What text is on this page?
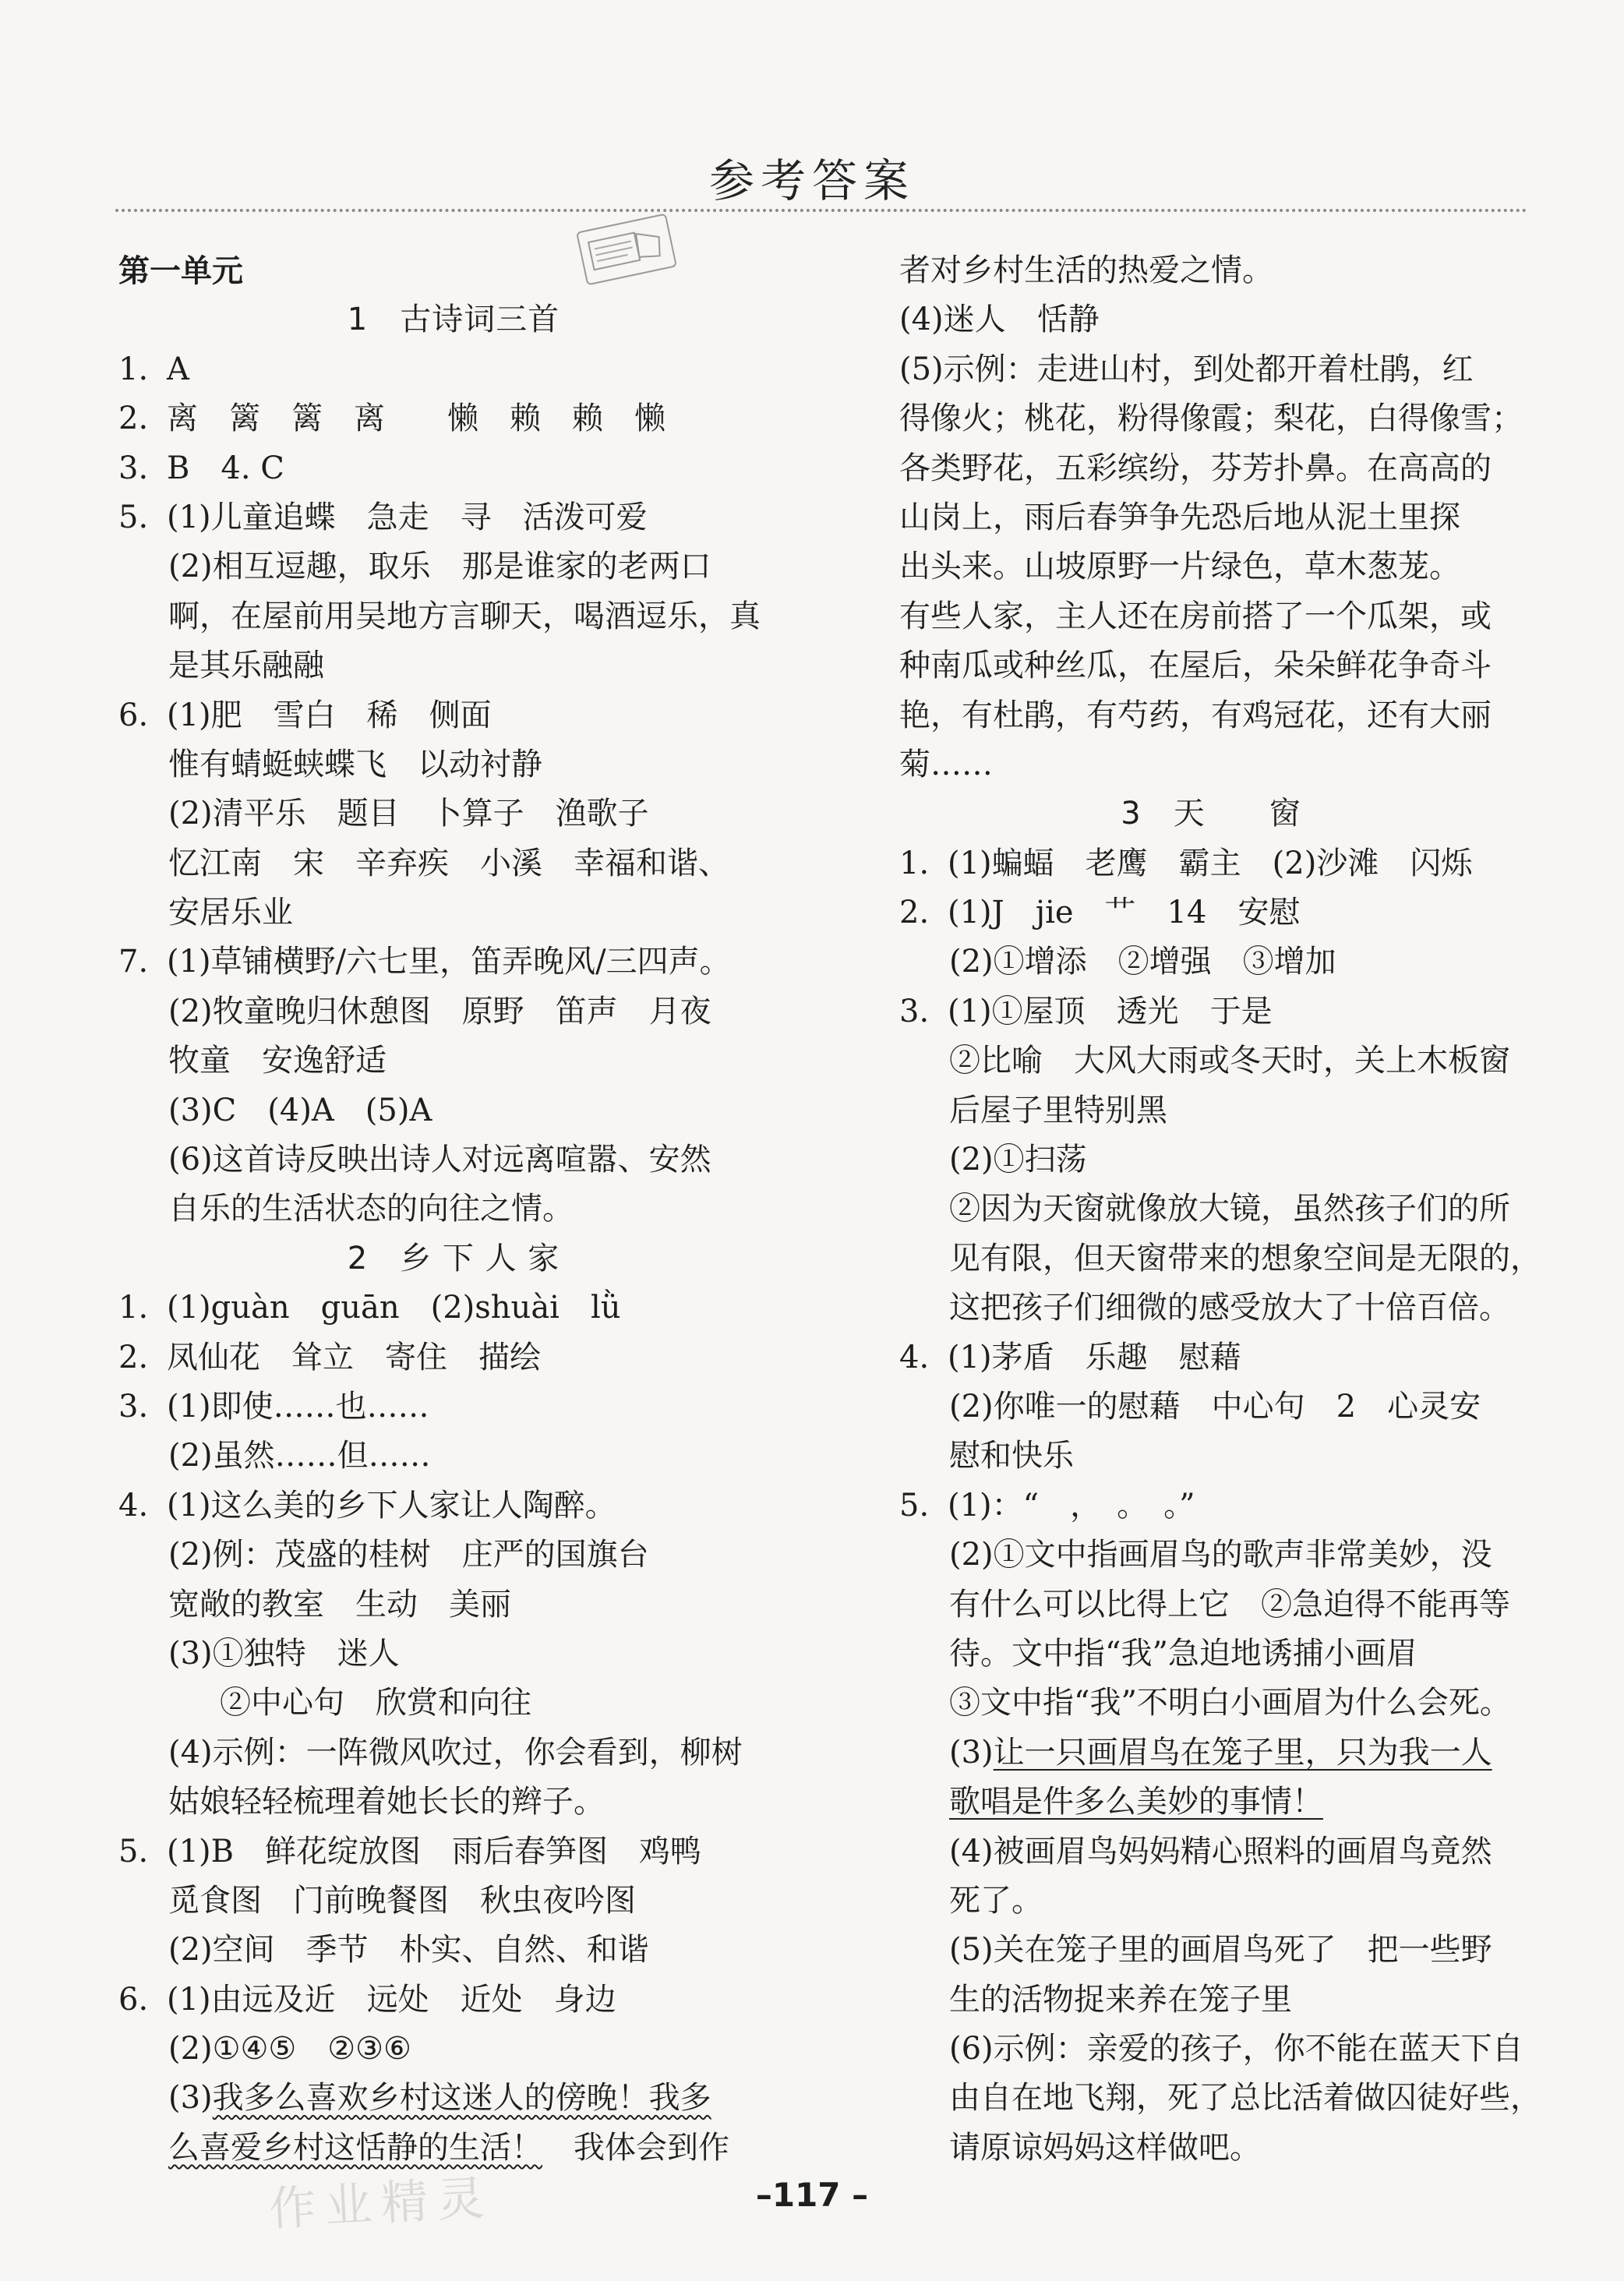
参考答案
第一单元
1　古诗词三首
1. A
2. 离　篱　篱　离　　懒　赖　赖　懒
3. B　4. C
5. (1)儿童追蝶　急走　寻　活泼可爱
(2)相互逗趣，取乐　那是谁家的老两口
啊，在屋前用吴地方言聊天，喝酒逗乐，真
是其乐融融
6. (1)肥　雪白　稀　侧面
惟有蜻蜓蛱蝶飞　以动衬静
(2)清平乐　题目　卜算子　渔歌子
忆江南　宋　辛弃疾　小溪　幸福和谐、
安居乐业
7. (1)草铺横野/六七里，笛弄晚风/三四声。
(2)牧童晚归休憩图　原野　笛声　月夜
牧童　安逸舒适
(3)C　(4)A　(5)A
(6)这首诗反映出诗人对远离喧嚣、安然
自乐的生活状态的向往之情。
2　乡 下 人 家
1. (1)guàn　guān　(2)shuài　lǜ
2. 凤仙花　耸立　寄住　描绘
3. (1)即使……也……
(2)虽然……但……
4. (1)这么美的乡下人家让人陶醉。
(2)例：茂盛的桂树　庄严的国旗台
宽敞的教室　生动　美丽
(3)①独特　迷人
②中心句　欣赏和向往
(4)示例：一阵微风吹过，你会看到，柳树
姑娘轻轻梳理着她长长的辫子。
5. (1)B　鲜花绽放图　雨后春笋图　鸡鸭
觅食图　门前晚餐图　秋虫夜吟图
(2)空间　季节　朴实、自然、和谐
6. (1)由远及近　远处　近处　身边
(2)①④⑤　②③⑥
(3)我多么喜欢乡村这迷人的傍晚！我多
么喜爱乡村这恬静的生活！　我体会到作
者对乡村生活的热爱之情。
(4)迷人　恬静
(5)示例：走进山村，到处都开着杜鹃，红
得像火；桃花，粉得像霞；梨花，白得像雪；
各类野花，五彩缤纷，芬芳扑鼻。在高高的
山岗上，雨后春笋争先恐后地从泥土里探
出头来。山坡原野一片绿色，草木葱茏。
有些人家，主人还在房前搭了一个瓜架，或
种南瓜或种丝瓜，在屋后，朵朵鲜花争奇斗
艳，有杜鹃，有芍药，有鸡冠花，还有大丽
菊……
3　天　　窗
1. (1)蝙蝠　老鹰　霸主　(2)沙滩　闪烁
2. (1)J　jie　艹　14　安慰
(2)①增添　②增强　③增加
3. (1)①屋顶　透光　于是
②比喻　大风大雨或冬天时，关上木板窗
后屋子里特别黑
(2)①扫荡
②因为天窗就像放大镜，虽然孩子们的所
见有限，但天窗带来的想象空间是无限的，
这把孩子们细微的感受放大了十倍百倍。
4. (1)茅盾　乐趣　慰藉
(2)你唯一的慰藉　中心句　2　心灵安
慰和快乐
5. (1)：“　，　。　。”
(2)①文中指画眉鸟的歌声非常美妙，没
有什么可以比得上它　②急迫得不能再等
待。文中指“我”急迫地诱捕小画眉
③文中指“我”不明白小画眉为什么会死。
(3)让一只画眉鸟在笼子里，只为我一人
歌唱是件多么美妙的事情！
(4)被画眉鸟妈妈精心照料的画眉鸟竟然
死了。
(5)关在笼子里的画眉鸟死了　把一些野
生的活物捉来养在笼子里
(6)示例：亲爱的孩子，你不能在蓝天下自
由自在地飞翔，死了总比活着做囚徒好些，
请原谅妈妈这样做吧。
–117 –
作业精灵
